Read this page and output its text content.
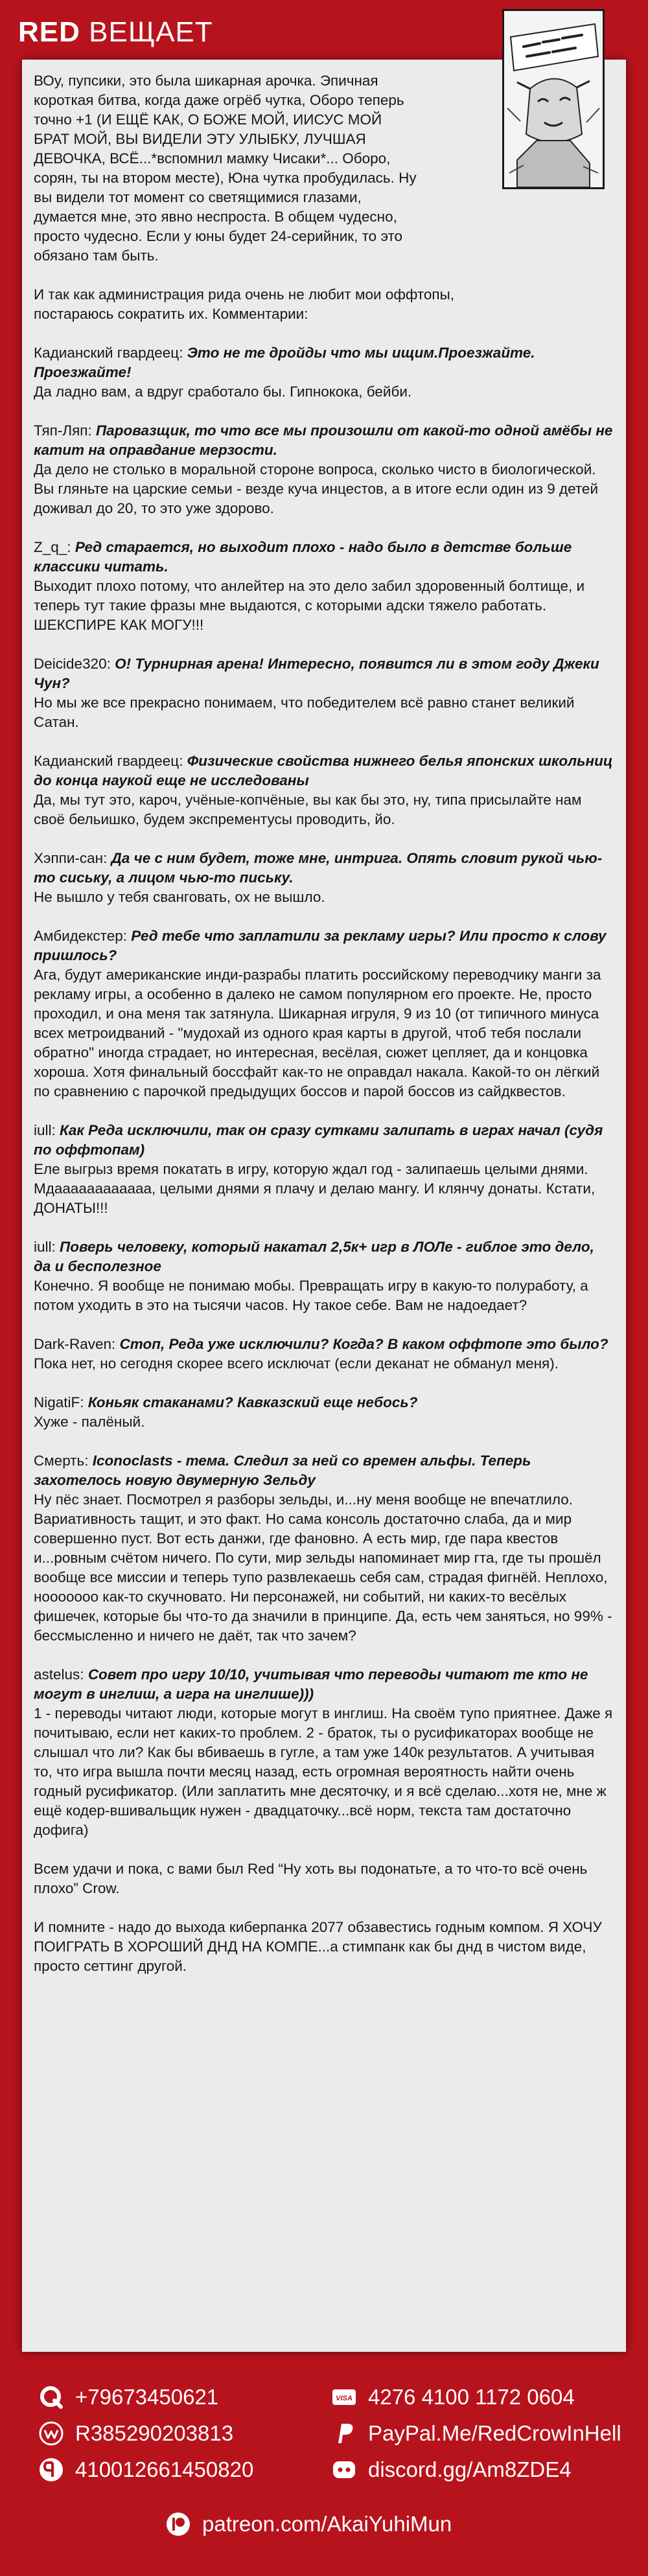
RED ВЕЩАЕТ
ВОу, пупсики, это была шикарная арочка. Эпичная короткая битва, когда даже огрёб чутка, Оборо теперь точно +1 (И ЕЩЁ КАК, О БОЖЕ МОЙ, ИИСУС МОЙ БРАТ МОЙ, ВЫ ВИДЕЛИ ЭТУ УЛЫБКУ, ЛУЧШАЯ ДЕВОЧКА, ВСЁ...*вспомнил мамку Чисаки*... Оборо, сорян, ты на втором месте), Юна чутка пробудилась. Ну вы видели тот момент со светящимися глазами, думается мне, это явно неспроста. В общем чудесно, просто чудесно. Если у юны будет 24-серийник, то это обязано там быть.
И так как администрация рида очень не любит мои оффтопы, постараюсь сократить их. Комментарии:
Кадианский гвардеец: Это не те дройды что мы ищим.Проезжайте. Проезжайте!
Да ладно вам, а вдруг сработало бы. Гипнокока, бейби.
Тяп-Ляп: Паровазщик, то что все мы произошли от какой-то одной амёбы не катит на оправдание мерзости.
Да дело не столько в моральной стороне вопроса, сколько чисто в биологической. Вы гляньте на царские семьи - везде куча инцестов, а в итоге если один из 9 детей доживал до 20, то это уже здорово.
Z_q_: Ред старается, но выходит плохо - надо было в детстве больше классики читать.
Выходит плохо потому, что анлейтер на это дело забил здоровенный болтище, и теперь тут такие фразы мне выдаются, с которыми адски тяжело работать. ШЕКСПИРЕ КАК МОГУ!!!
Deicide320: О! Турнирная арена! Интересно, появится ли в этом году Джеки Чун?
Но мы же все прекрасно понимаем, что победителем всё равно станет великий Сатан.
Кадианский гвардеец: Физические свойства нижнего белья японских школьниц до конца наукой еще не исследованы
Да, мы тут это, кароч, учёные-копчёные, вы как бы это, ну, типа присылайте нам своё бельишко, будем экспрементусы проводить, йо.
Хэппи-сан: Да че с ним будет, тоже мне, интрига. Опять словит рукой чью-то сиську, а лицом чью-то письку.
Не вышло у тебя сванговать, ох не вышло.
Амбидекстер: Ред тебе что заплатили за рекламу игры? Или просто к слову пришлось?
Ага, будут американские инди-разрабы платить российскому переводчику манги за рекламу игры, а особенно в далеко не самом популярном его проекте. Не, просто проходил, и она меня так затянула. Шикарная игруля, 9 из 10 (от типичного минуса всех метроидваний - "мудохай из одного края карты в другой, чтоб тебя послали обратно" иногда страдает, но интересная, весёлая, сюжет цепляет, да и концовка хороша. Хотя финальный боссфайт как-то не оправдал накала. Какой-то он лёгкий по сравнению с парочкой предыдущих боссов и парой боссов из сайдквестов.
iull: Как Реда исключили, так он сразу сутками залипать в играх начал (судя по оффтопам)
Еле выгрыз время покатать в игру, которую ждал год - залипаешь целыми днями. Мдаааааааааааа, целыми днями я плачу и делаю мангу. И клянчу донаты. Кстати, ДОНАТЫ!!!
iull: Поверь человеку, который накатал 2,5к+ игр в ЛОЛе - гиблое это дело, да и бесполезное
Конечно. Я вообще не понимаю мобы. Превращать игру в какую-то полуработу, а потом уходить в это на тысячи часов. Ну такое себе. Вам не надоедает?
Dark-Raven: Стоп, Реда уже исключили? Когда? В каком оффтопе это было?
Пока нет, но сегодня скорее всего исключат (если деканат не обманул меня).
NigatiF: Коньяк стаканами? Кавказский еще небось?
Хуже - палёный.
Смерть: Iconoclasts - тема. Следил за ней со времен альфы. Теперь захотелось новую двумерную Зельду
Ну пёс знает. Посмотрел я разборы зельды, и...ну меня вообще не впечатлило. Вариативность тащит, и это факт. Но сама консоль достаточно слаба, да и мир совершенно пуст. Вот есть данжи, где фановно. А есть мир, где пара квестов и...ровным счётом ничего. По сути, мир зельды напоминает мир гта, где ты прошёл вообще все миссии и теперь тупо развлекаешь себя сам, страдая фигнёй. Неплохо, нооооооо как-то скучновато. Ни персонажей, ни событий, ни каких-то весёлых фишечек, которые бы что-то да значили в принципе. Да, есть чем заняться, но 99% - бессмысленно и ничего не даёт, так что зачем?
astelus: Совет про игру 10/10, учитывая что переводы читают те кто не могут в инглиш, а игра на инглише)))
1 - переводы читают люди, которые могут в инглиш. На своём тупо приятнее. Даже я почитываю, если нет каких-то проблем. 2 - браток, ты о русификаторах вообще не слышал что ли? Как бы вбиваешь в гугле, а там уже 140к результатов. А учитывая то, что игра вышла почти месяц назад, есть огромная вероятность найти очень годный русификатор. (Или заплатить мне десяточку, и я всё сделаю...хотя не, мне ж ещё кодер-вшивальщик нужен - двадцаточку...всё норм, текста там достаточно дофига)
Всем удачи и пока, с вами был Red “Ну хоть вы подонатьте, а то что-то всё очень плохо” Crow.
И помните - надо до выхода киберпанка 2077 обзавестись годным компом. Я ХОЧУ ПОИГРАТЬ В ХОРОШИЙ ДНД НА КОМПЕ...а стимпанк как бы днд в чистом виде, просто сеттинг другой.
+79673450621
R385290203813
410012661450820
VISA 4276 4100 1172 0604
PayPal.Me/RedCrowInHell
discord.gg/Am8ZDE4
patreon.com/AkaiYuhiMun
